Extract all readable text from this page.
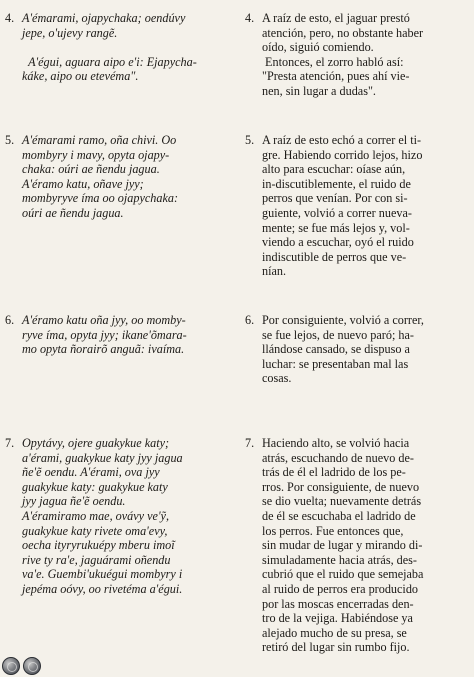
4. A'émarami, ojapychaka; oendúvy
jepe, o'ujevy rangẽ.
A'égui, aguara aipo e'i: Ejapycha-
káke, aipo ou etevéma".
4. A raíz de esto, el jaguar prestó
atención, pero, no obstante haber
oído, siguió comiendo.
Entonces, el zorro habló así:
"Presta atención, pues ahí vie-
nen, sin lugar a dudas".
5. A'émarami ramo, oña chivi. Oo
mombyry i mavy, opyta ojapy-
chaka: oúri ae ñendu jagua.
A'éramo katu, oñave jyy;
mombyryve íma oo ojapychaka:
oúri ae ñendu jagua.
5. A raíz de esto echó a correr el ti-
gre. Habiendo corrido lejos, hizo
alto para escuchar: oíase aún,
in-discutiblemente, el ruido de
perros que venían. Por con si-
guiente, volvió a correr nueva-
mente; se fue más lejos y, vol-
viendo a escuchar, oyó el ruido
indiscutible de perros que ve-
nían.
6. A'éramo katu oña jyy, oo momby-
ryve íma, opyta jyy; ikane'õmara-
mo opyta ñorairõ anguã: ivaíma.
6. Por consiguiente, volvió a correr,
se fue lejos, de nuevo paró; ha-
llándose cansado, se dispuso a
luchar: se presentaban mal las
cosas.
7. Opytávy, ojere guakykue katy;
a'érami, guakykue katy jyy jagua
ñe'ẽ oendu. A'érami, ova jyy
guakykue katy: guakykue katy
jyy jagua ñe'ẽ oendu.
A'éramiramo mae, ovávy ve'ỹ,
guakykue katy rivete oma'evy,
oecha ityryrukuépy mberu imoĩ
rive ty ra'e, jaguárami oñendu
va'e. Guembi'ukuégui mombyry i
jepéma oóvy, oo rivetéma a'égui.
7. Haciendo alto, se volvió hacia
atrás, escuchando de nuevo de-
trás de él el ladrido de los pe-
rros. Por consiguiente, de nuevo
se dio vuelta; nuevamente detrás
de él se escuchaba el ladrido de
los perros. Fue entonces que,
sin mudar de lugar y mirando di-
simuladamente hacia atrás, des-
cubrió que el ruido que semejaba
al ruido de perros era producido
por las moscas encerradas den-
tro de la vejiga. Habiéndose ya
alejado mucho de su presa, se
retiró del lugar sin rumbo fijo.
